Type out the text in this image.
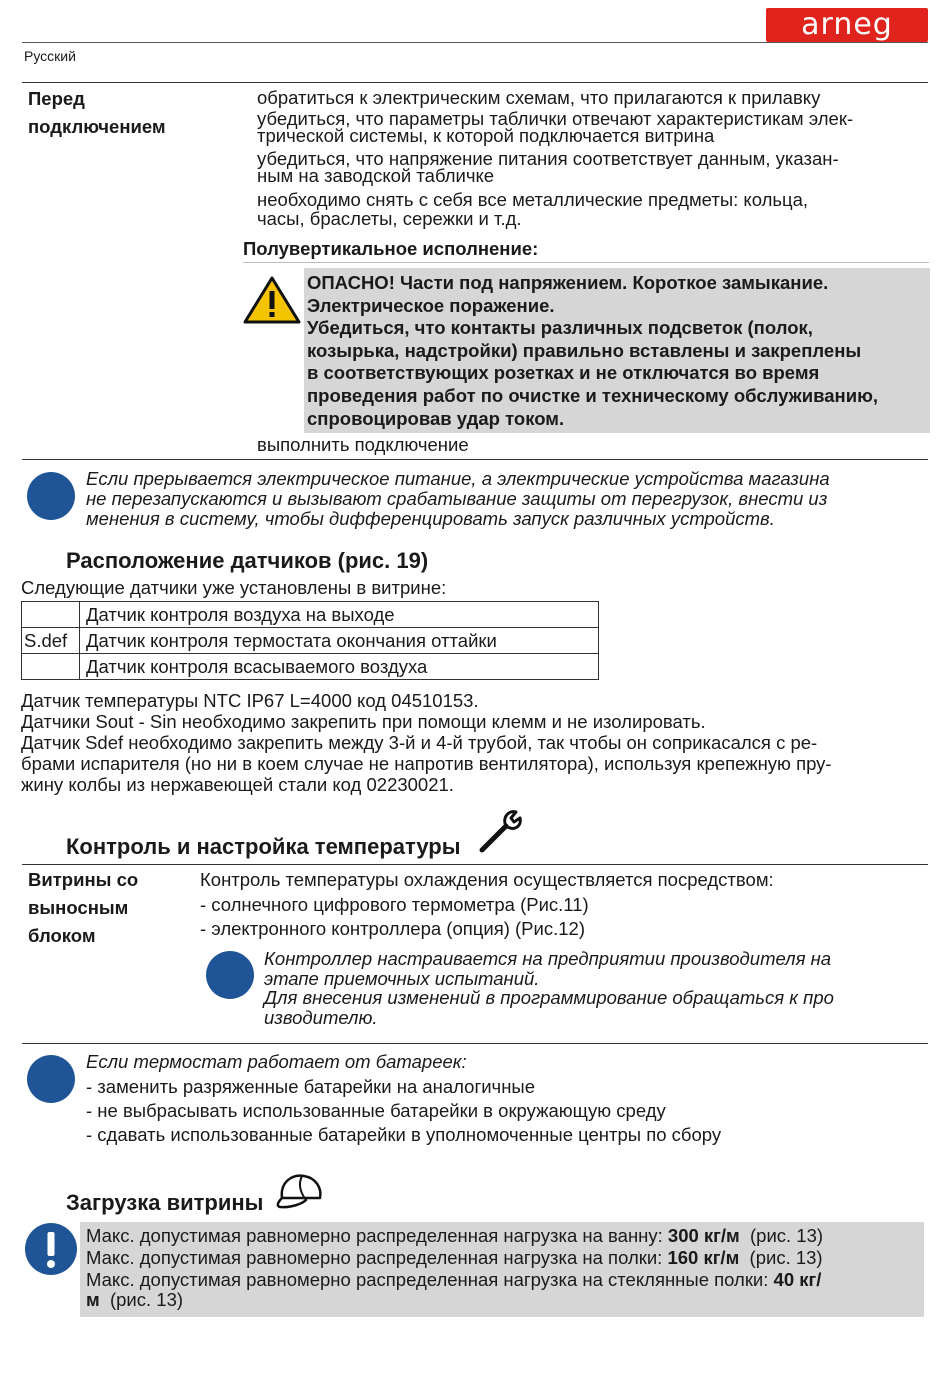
arneg
Русский
Перед
подключением
обратиться к электрическим схемам, что прилагаются к прилавку
убедиться, что параметры таблички отвечают характеристикам элек-
трической системы, к которой подключается витрина
убедиться, что напряжение питания соответствует данным, указан-
ным на заводской табличке
необходимо снять с себя все металлические предметы: кольца,
часы, браслеты, сережки и т.д.
Полувертикальное исполнение:
ОПАСНО! Части под напряжением. Короткое замыкание.
Электрическое поражение.
Убедиться, что контакты различных подсветок (полок,
козырька, надстройки) правильно вставлены и закреплены
в соответствующих розетках и не отключатся во время
проведения работ по очистке и техническому обслуживанию,
спровоцировав удар током.
выполнить подключение
Если прерывается электрическое питание, а электрические устройства магазина
не перезапускаются и вызывают срабатывание защиты от перегрузок, внести из
менения в систему, чтобы дифференцировать запуск различных устройств.
Расположение датчиков (рис. 19)
Следующие датчики уже установлены в витрине:
	Датчик контроля воздуха на выходе
S.def	Датчик контроля термостата окончания оттайки
	Датчик контроля всасываемого воздуха
Датчик температуры NTC IP67 L=4000 код 04510153.
Датчики Sout - Sin необходимо закрепить при помощи клемм и не изолировать.
Датчик Sdef необходимо закрепить между 3-й и 4-й трубой, так чтобы он соприкасался с ре-
брами испарителя (но ни в коем случае не напротив вентилятора), используя крепежную пру-
жину колбы из нержавеющей стали код 02230021.
Контроль и настройка температуры
Витрины со
выносным
блоком
Контроль температуры охлаждения осуществляется посредством:
- солнечного цифрового термометра (Рис.11)
- электронного контроллера (опция) (Рис.12)
Контроллер настраивается на предприятии производителя на
этапе приемочных испытаний.
Для внесения изменений в программирование обращаться к про
изводителю.
Если термостат работает от батареек:
- заменить разряженные батарейки на аналогичные
- не выбрасывать использованные батарейки в окружающую среду
- сдавать использованные батарейки в уполномоченные центры по сбору
Загрузка витрины
Макс. допустимая равномерно распределенная нагрузка на ванну: 300 кг/м  (рис. 13)
Макс. допустимая равномерно распределенная нагрузка на полки: 160 кг/м  (рис. 13)
Макс. допустимая равномерно распределенная нагрузка на стеклянные полки: 40 кг/
м  (рис. 13)
